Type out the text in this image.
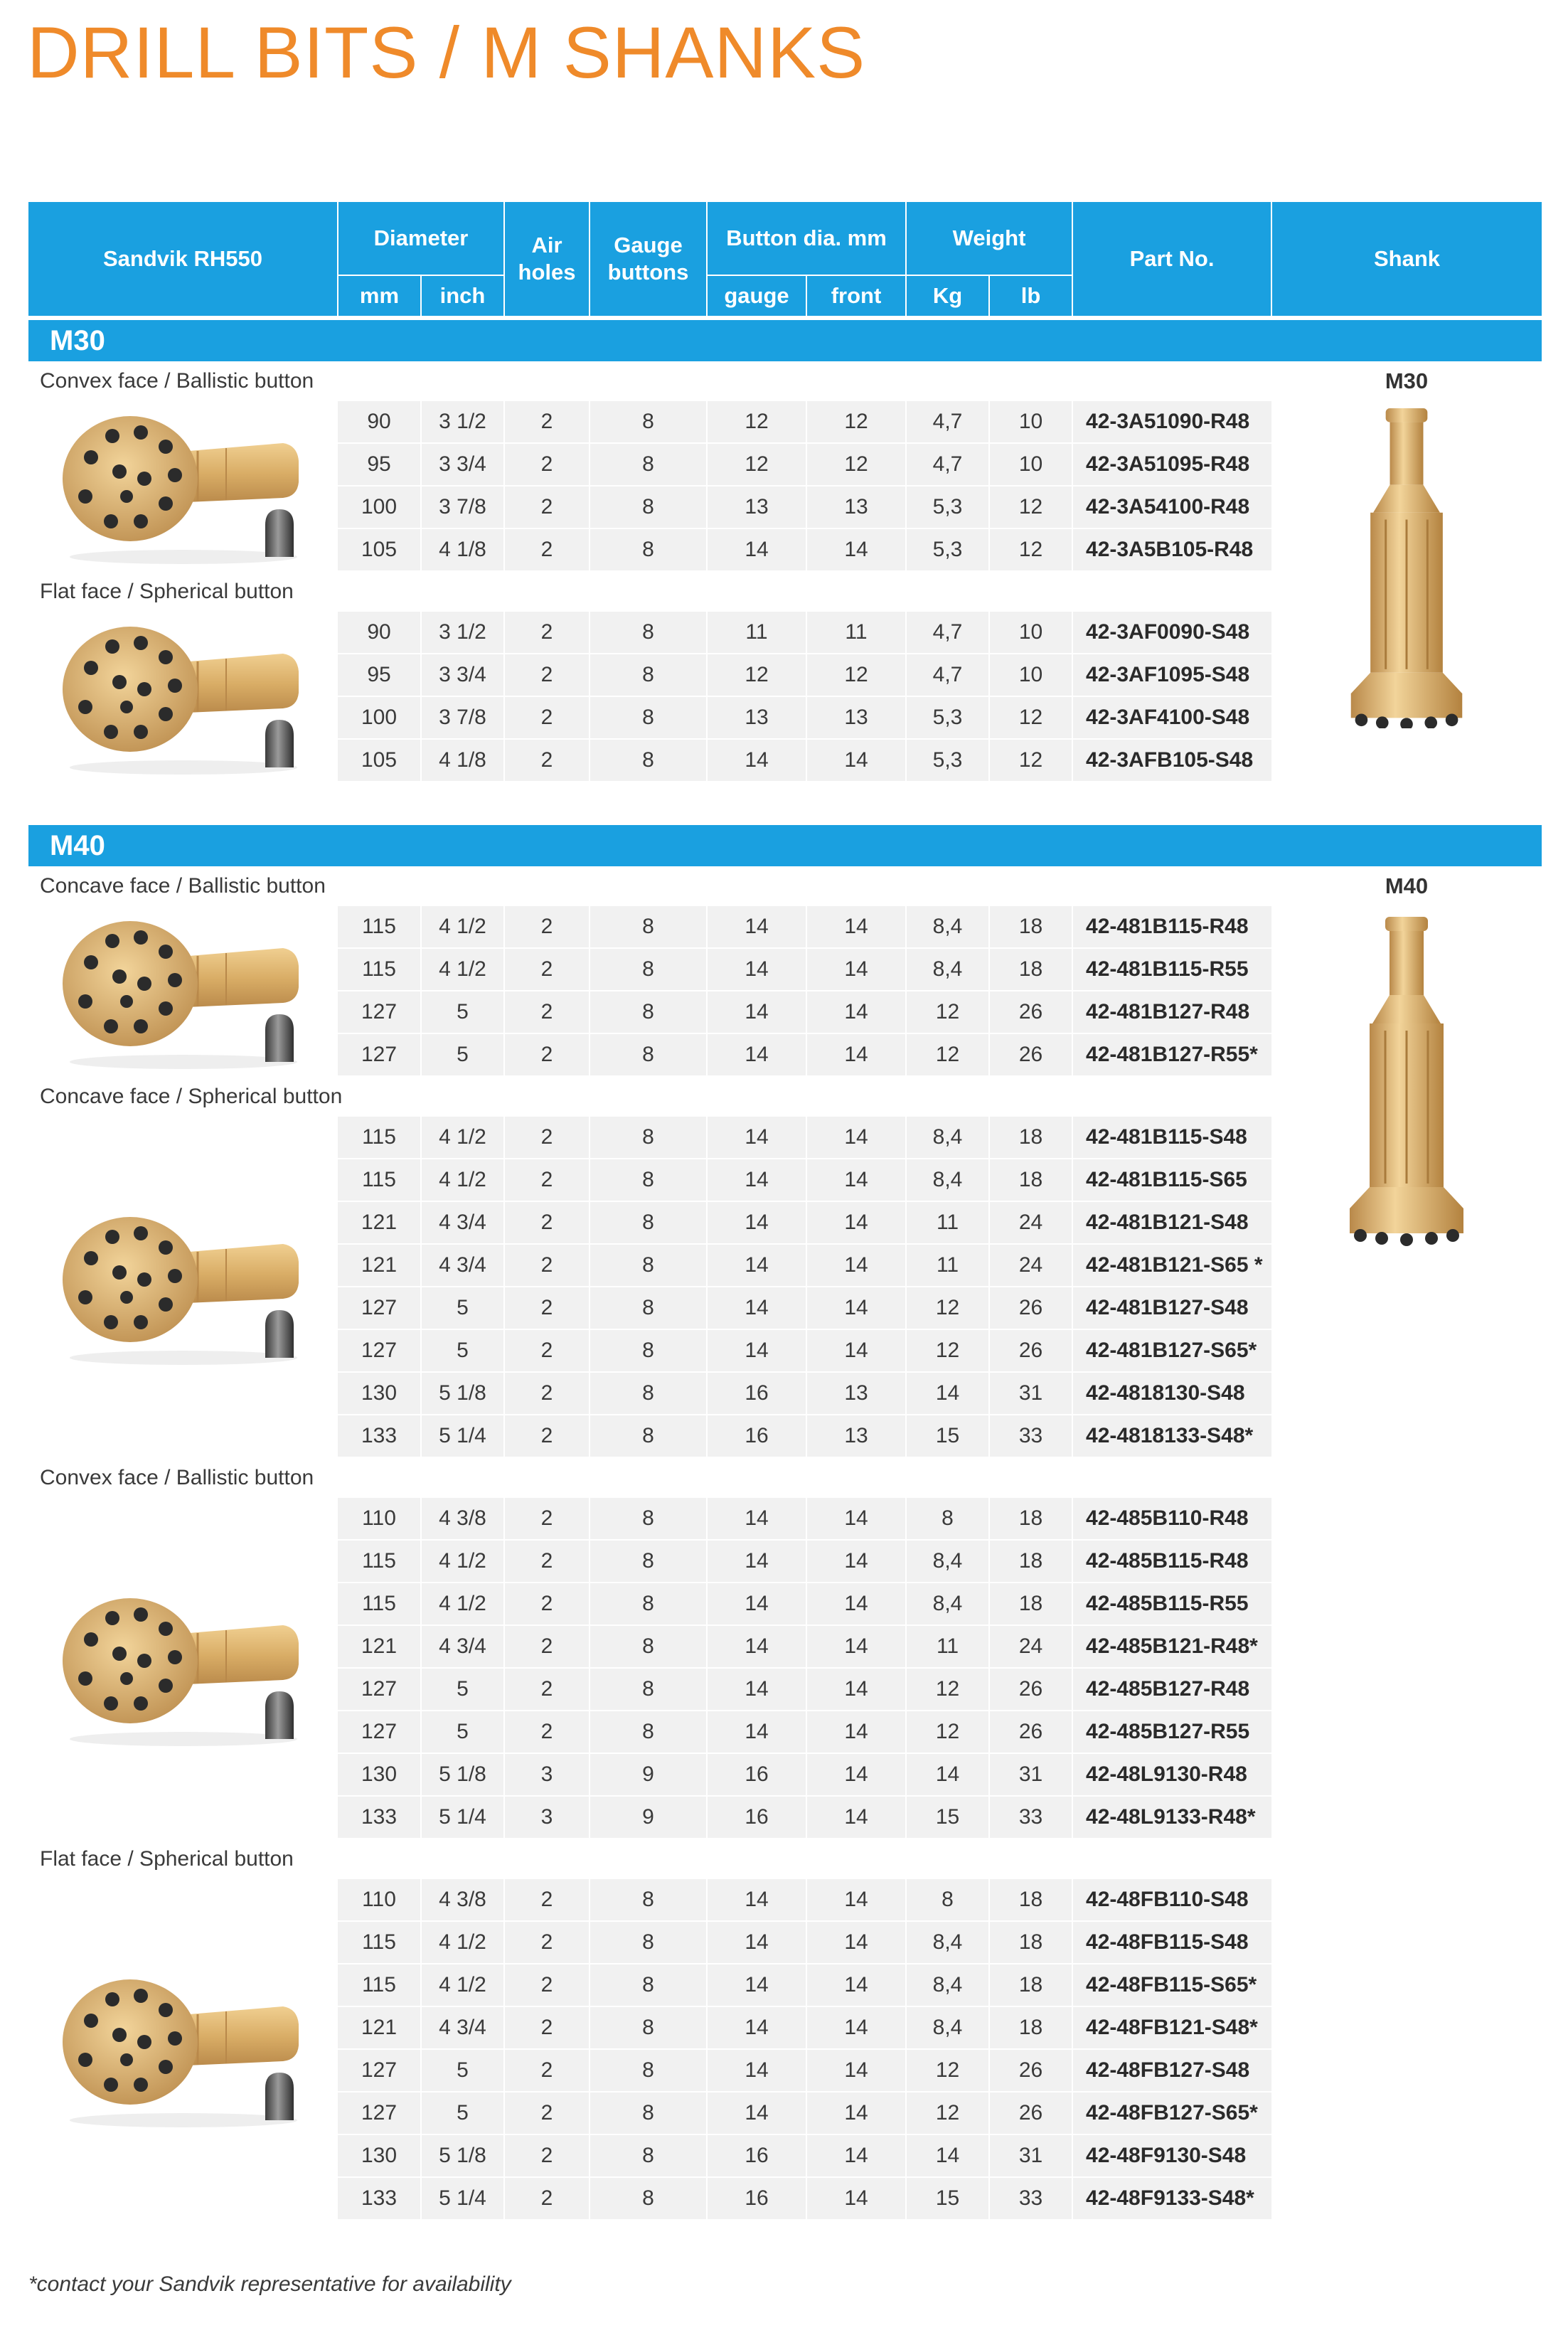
DRILL BITS / M SHANKS
Sandvik RH550	Diameter		Air
holes	Gauge
buttons	Button dia. mm		Weight		Part No.	Shank
	mm	inch			gauge	front	Kg	lb		

M30										
Convex face / Ballistic button										M30

	90	3 1/2	2	8	12	12	4,7	10	42-3A51090-R48	

	95	3 3/4	2	8	12	12	4,7	10	42-3A51095-R48	
	100	3 7/8	2	8	13	13	5,3	12	42-3A54100-R48	
	105	4 1/8	2	8	14	14	5,3	12	42-3A5B105-R48	
Flat face / Spherical button										

	90	3 1/2	2	8	11	11	4,7	10	42-3AF0090-S48	
	95	3 3/4	2	8	12	12	4,7	10	42-3AF1095-S48	
	100	3 7/8	2	8	13	13	5,3	12	42-3AF4100-S48	
	105	4 1/8	2	8	14	14	5,3	12	42-3AFB105-S48	

M40										
Concave face / Ballistic button										M40

	115	4 1/2	2	8	14	14	8,4	18	42-481B115-R48	

	115	4 1/2	2	8	14	14	8,4	18	42-481B115-R55	
	127	5	2	8	14	14	12	26	42-481B127-R48	
	127	5	2	8	14	14	12	26	42-481B127-R55*	
Concave face / Spherical button										

	115	4 1/2	2	8	14	14	8,4	18	42-481B115-S48	
	115	4 1/2	2	8	14	14	8,4	18	42-481B115-S65	
	121	4 3/4	2	8	14	14	11	24	42-481B121-S48	
	121	4 3/4	2	8	14	14	11	24	42-481B121-S65 *	
	127	5	2	8	14	14	12	26	42-481B127-S48	
	127	5	2	8	14	14	12	26	42-481B127-S65*	
	130	5 1/8	2	8	16	13	14	31	42-4818130-S48	
	133	5 1/4	2	8	16	13	15	33	42-4818133-S48*	
Convex face / Ballistic button										

	110	4 3/8	2	8	14	14	8	18	42-485B110-R48	
	115	4 1/2	2	8	14	14	8,4	18	42-485B115-R48	
	115	4 1/2	2	8	14	14	8,4	18	42-485B115-R55	
	121	4 3/4	2	8	14	14	11	24	42-485B121-R48*	
	127	5	2	8	14	14	12	26	42-485B127-R48	
	127	5	2	8	14	14	12	26	42-485B127-R55	
	130	5 1/8	3	9	16	14	14	31	42-48L9130-R48	
	133	5 1/4	3	9	16	14	15	33	42-48L9133-R48*	
Flat face / Spherical button										

	110	4 3/8	2	8	14	14	8	18	42-48FB110-S48	
	115	4 1/2	2	8	14	14	8,4	18	42-48FB115-S48	
	115	4 1/2	2	8	14	14	8,4	18	42-48FB115-S65*	
	121	4 3/4	2	8	14	14	8,4	18	42-48FB121-S48*	
	127	5	2	8	14	14	12	26	42-48FB127-S48	
	127	5	2	8	14	14	12	26	42-48FB127-S65*	
	130	5 1/8	2	8	16	14	14	31	42-48F9130-S48	
	133	5 1/4	2	8	16	14	15	33	42-48F9133-S48*	
*contact your Sandvik representative for availability
